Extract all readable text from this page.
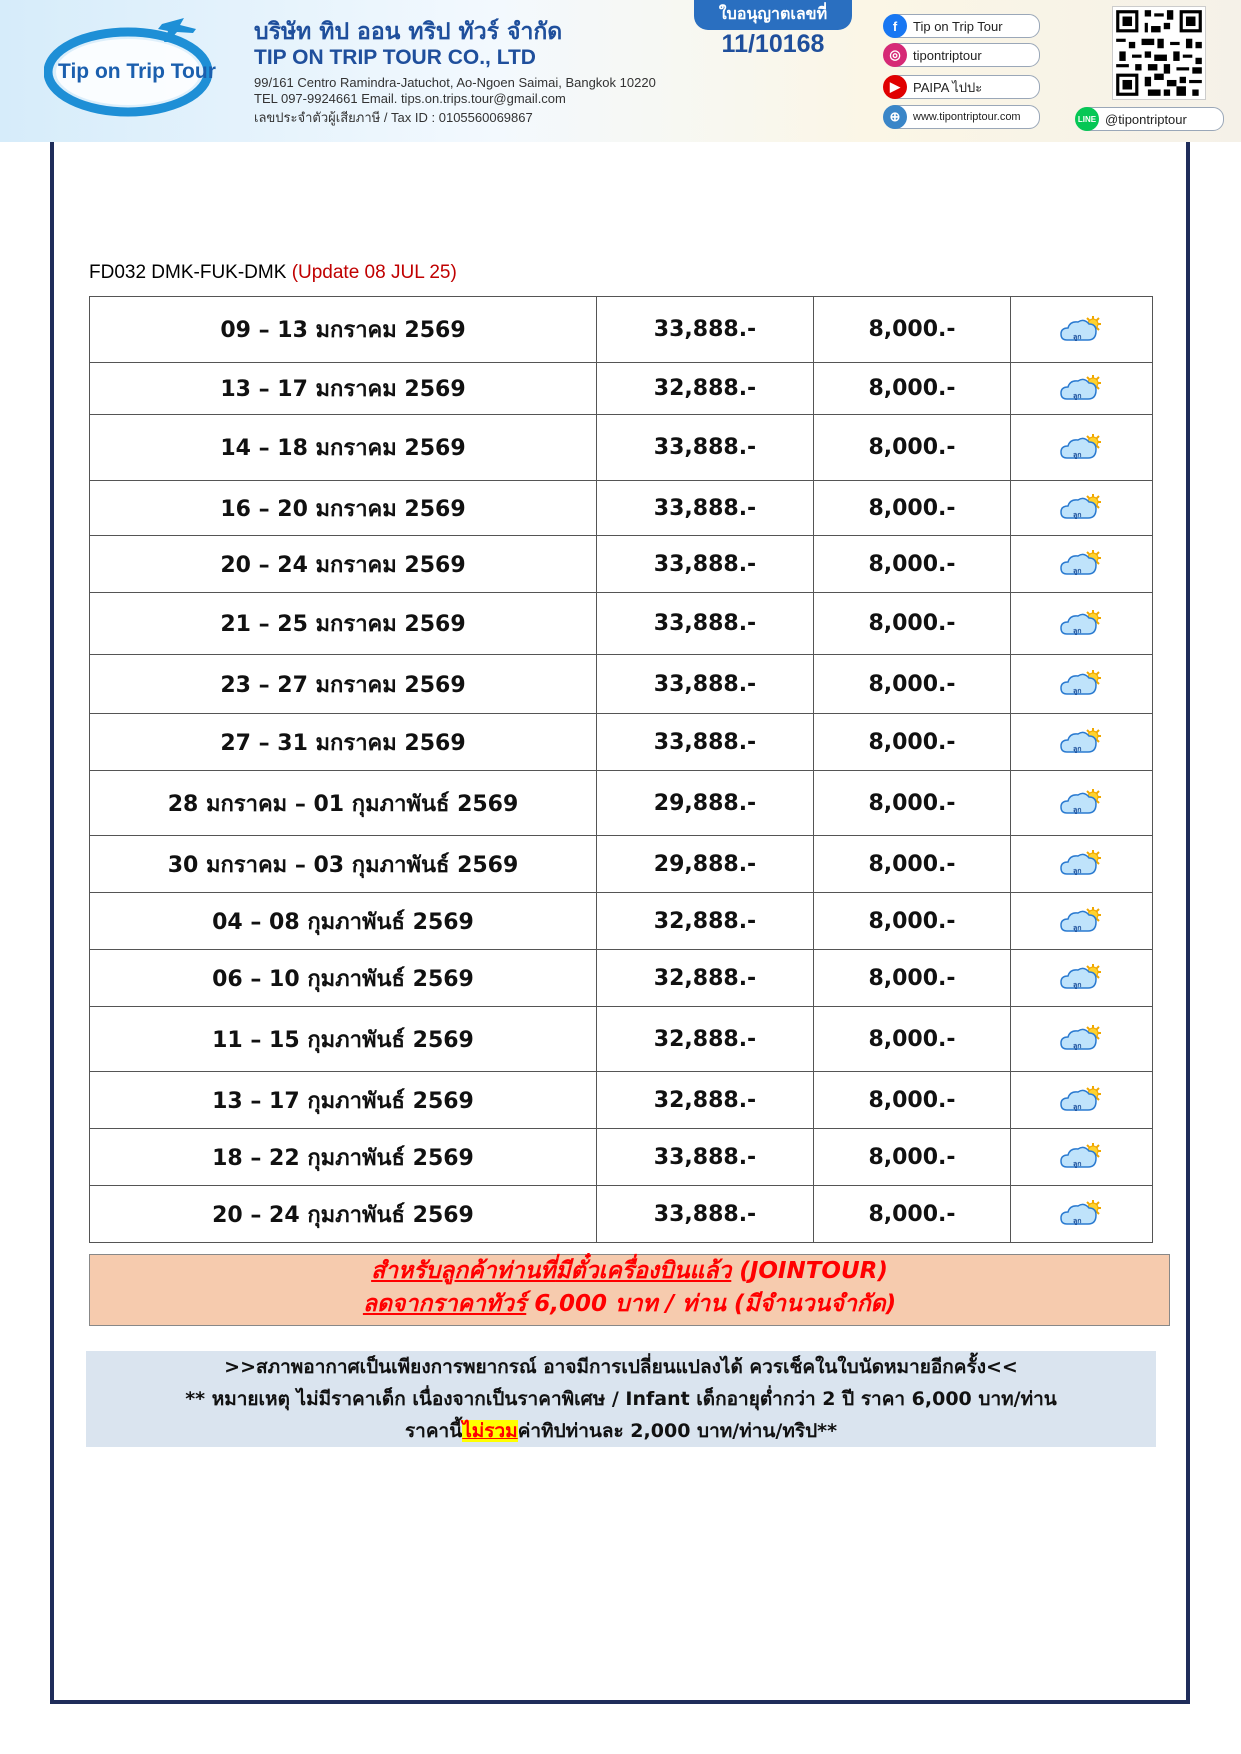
Tip on Trip Tour
บริษัท ทิป ออน ทริป ทัวร์ จำกัด
TIP ON TRIP TOUR CO., LTD
99/161 Centro Ramindra-Jatuchot, Ao-Ngoen Saimai, Bangkok 10220
TEL 097-9924661 Email. tips.on.trips.tour@gmail.com
เลขประจำตัวผู้เสียภาษี / Tax ID : 0105560069867
ใบอนุญาตเลขที่
11/10168
f	Tip on Trip Tour
◎ tipontriptour
▶	PAIPA ไปปะ
⊕	www.tipontriptour.com	LINE @tipontriptour
FD032 DMK-FUK-DMK (Update 08 JUL 25)
09 – 13 มกราคม 2569	33,888.-	8,000.-	ลูก

13 – 17 มกราคม 2569	32,888.-	8,000.-	ลูก

14 – 18 มกราคม 2569	33,888.-	8,000.-	ลูก

16 – 20 มกราคม 2569	33,888.-	8,000.-	ลูก

20 – 24 มกราคม 2569	33,888.-	8,000.-	ลูก

21 – 25 มกราคม 2569	33,888.-	8,000.-	ลูก

23 – 27 มกราคม 2569	33,888.-	8,000.-	ลูก

27 – 31 มกราคม 2569	33,888.-	8,000.-	ลูก

28 มกราคม – 01 กุมภาพันธ์ 2569	29,888.-	8,000.-	ลูก

30 มกราคม – 03 กุมภาพันธ์ 2569	29,888.-	8,000.-	ลูก

04 – 08 กุมภาพันธ์ 2569	32,888.-	8,000.-	ลูก

06 – 10 กุมภาพันธ์ 2569	32,888.-	8,000.-	ลูก

11 – 15 กุมภาพันธ์ 2569	32,888.-	8,000.-	ลูก

13 – 17 กุมภาพันธ์ 2569	32,888.-	8,000.-	ลูก

18 – 22 กุมภาพันธ์ 2569	33,888.-	8,000.-	ลูก

20 – 24 กุมภาพันธ์ 2569	33,888.-	8,000.-	ลูก
สำหรับลูกค้าท่านที่มีตั๋วเครื่องบินแล้ว (JOINTOUR)
ลดจากราคาทัวร์ 6,000 บาท / ท่าน (มีจำนวนจำกัด)
>>สภาพอากาศเป็นเพียงการพยากรณ์ อาจมีการเปลี่ยนแปลงได้ ควรเช็คในใบนัดหมายอีกครั้ง<<
** หมายเหตุ ไม่มีราคาเด็ก เนื่องจากเป็นราคาพิเศษ / Infant เด็กอายุต่ำกว่า 2 ปี ราคา 6,000 บาท/ท่าน
ราคานี้ไม่รวมค่าทิปท่านละ 2,000 บาท/ท่าน/ทริป**
